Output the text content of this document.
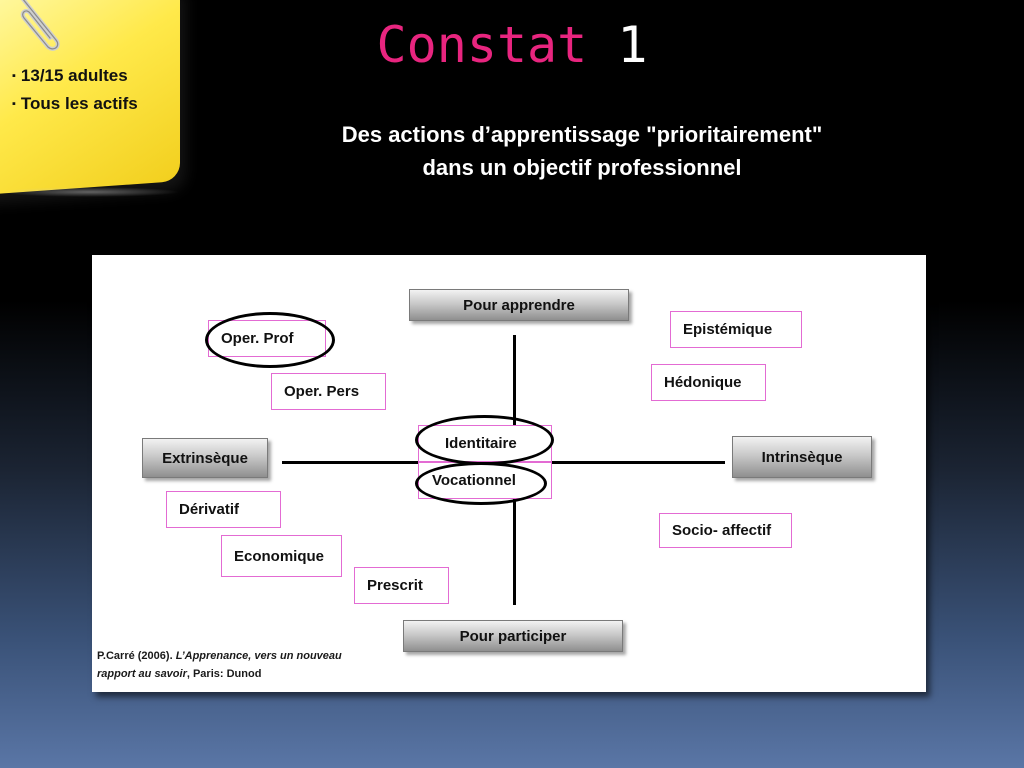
▪ 13/15 adultes
▪ Tous les actifs
Constat 1
Des actions d’apprentissage "prioritairement"
dans un objectif professionnel
Pour apprendre
Pour participer
Extrinsèque	Intrinsèque
Oper. Prof
Oper. Pers
Epistémique
Hédonique
Identitaire
Vocationnel
Dérivatif
Economique
Prescrit
Socio- affectif
P.Carré (2006). L’Apprenance, vers un nouveau
rapport au savoir, Paris: Dunod
